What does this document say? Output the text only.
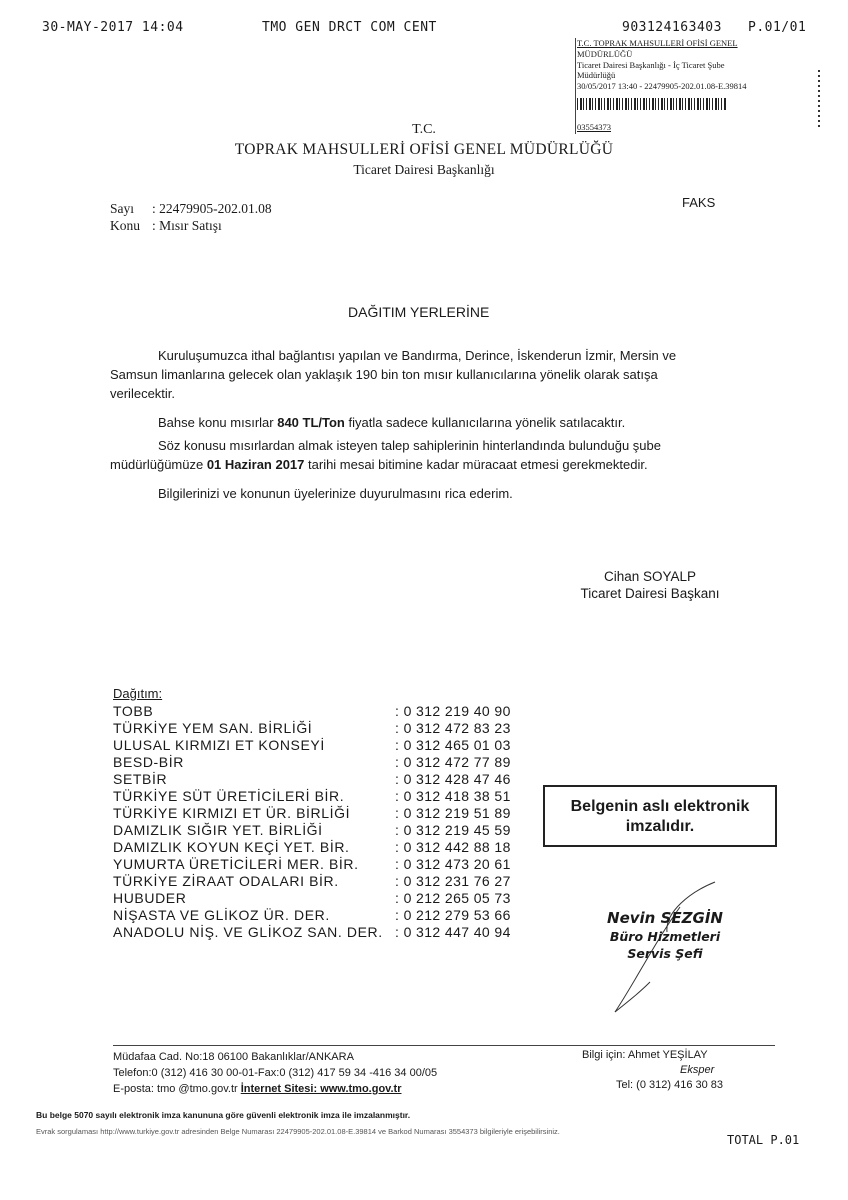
30-MAY-2017 14:04	TMO GEN DRCT COM CENT	903124163403 P.01/01
T.C. TOPRAK MAHSULLERİ OFİSİ GENEL
MÜDÜRLÜĞÜ
Ticaret Dairesi Başkanlığı - İç Ticaret Şube
Müdürlüğü
30/05/2017 13:40 - 22479905-202.01.08-E.39814
03554373
T.C.
TOPRAK MAHSULLERİ OFİSİ GENEL MÜDÜRLÜĞÜ
Ticaret Dairesi Başkanlığı
Sayı : 22479905-202.01.08
Konu : Mısır Satışı
FAKS
DAĞITIM YERLERİNE

Kuruluşumuzca ithal bağlantısı yapılan ve Bandırma, Derince, İskenderun İzmir, Mersin ve Samsun limanlarına gelecek olan yaklaşık 190 bin ton mısır kullanıcılarına yönelik olarak satışa verilecektir.

Bahse konu mısırlar 840 TL/Ton fiyatla sadece kullanıcılarına yönelik satılacaktır.

Söz konusu mısırlardan almak isteyen talep sahiplerinin hinterlandında bulunduğu şube müdürlüğümüze 01 Haziran 2017 tarihi mesai bitimine kadar müracaat etmesi gerekmektedir.

Bilgilerinizi ve konunun üyelerinize duyurulmasını rica ederim.

Cihan SOYALP
Ticaret Dairesi Başkanı
Dağıtım:
TOBB	: 0 312 219 40 90
TÜRKİYE YEM SAN. BİRLİĞİ	: 0 312 472 83 23
ULUSAL KIRMIZI ET KONSEYİ	: 0 312 465 01 03
BESD-BİR	: 0 312 472 77 89
SETBİR	: 0 312 428 47 46
TÜRKİYE SÜT ÜRETİCİLERİ BİR.	: 0 312 418 38 51
TÜRKİYE KIRMIZI ET ÜR. BİRLİĞİ	: 0 312 219 51 89
DAMIZLIK SIĞIR YET. BİRLİĞİ	: 0 312 219 45 59
DAMIZLIK KOYUN KEÇİ YET. BİR.	: 0 312 442 88 18
YUMURTA ÜRETİCİLERİ MER. BİR.	: 0 312 473 20 61
TÜRKİYE ZİRAAT ODALARI BİR.	: 0 312 231 76 27
HUBUDER	: 0 212 265 05 73
NİŞASTA VE GLİKOZ ÜR. DER.	: 0 212 279 53 66
ANADOLU NİŞ. VE GLİKOZ SAN. DER. : 0 312 447 40 94
Belgenin aslı elektronik
imzalıdır.
Nevin SEZGİN
Büro Hizmetleri
Servis Şefi
Müdafaa Cad. No:18 06100 Bakanlıklar/ANKARA
Telefon:0 (312) 416 30 00-01-Fax:0 (312) 417 59 34 -416 34 00/05
E-posta: tmo @tmo.gov.tr İnternet Sitesi: www.tmo.gov.tr
Bilgi için: Ahmet YEŞİLAY
Eksper
Tel: (0 312) 416 30 83
Bu belge 5070 sayılı elektronik imza kanununa göre güvenli elektronik imza ile imzalanmıştır.
Evrak sorgulaması http://www.turkiye.gov.tr adresinden Belge Numarası 22479905-202.01.08-E.39814 ve Barkod Numarası 3554373 bilgileriyle erişebilirsiniz.
TOTAL P.01
